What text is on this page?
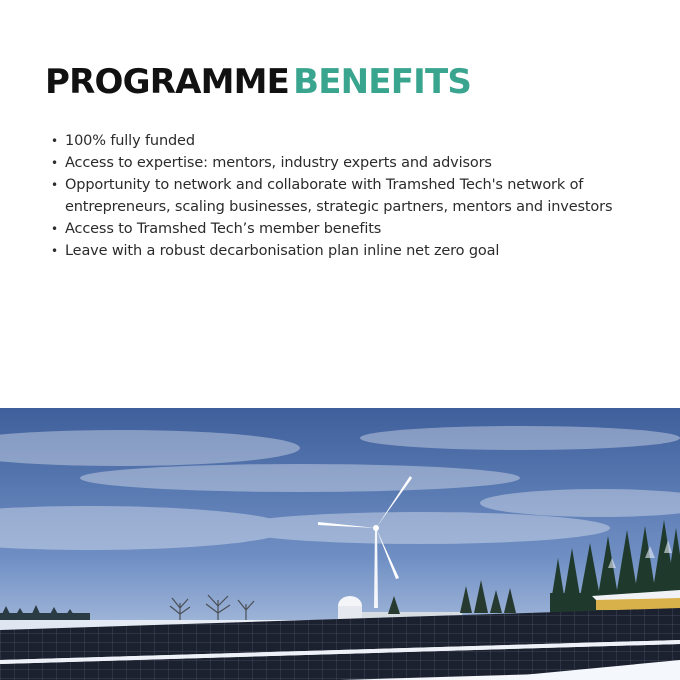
PROGRAMME BENEFITS
• 100% fully funded
• Access to expertise: mentors, industry experts and advisors
• Opportunity to network and collaborate with Tramshed Tech's network of entrepreneurs, scaling businesses, strategic partners, mentors and investors
• Access to Tramshed Tech’s member benefits
• Leave with a robust decarbonisation plan inline net zero goal
